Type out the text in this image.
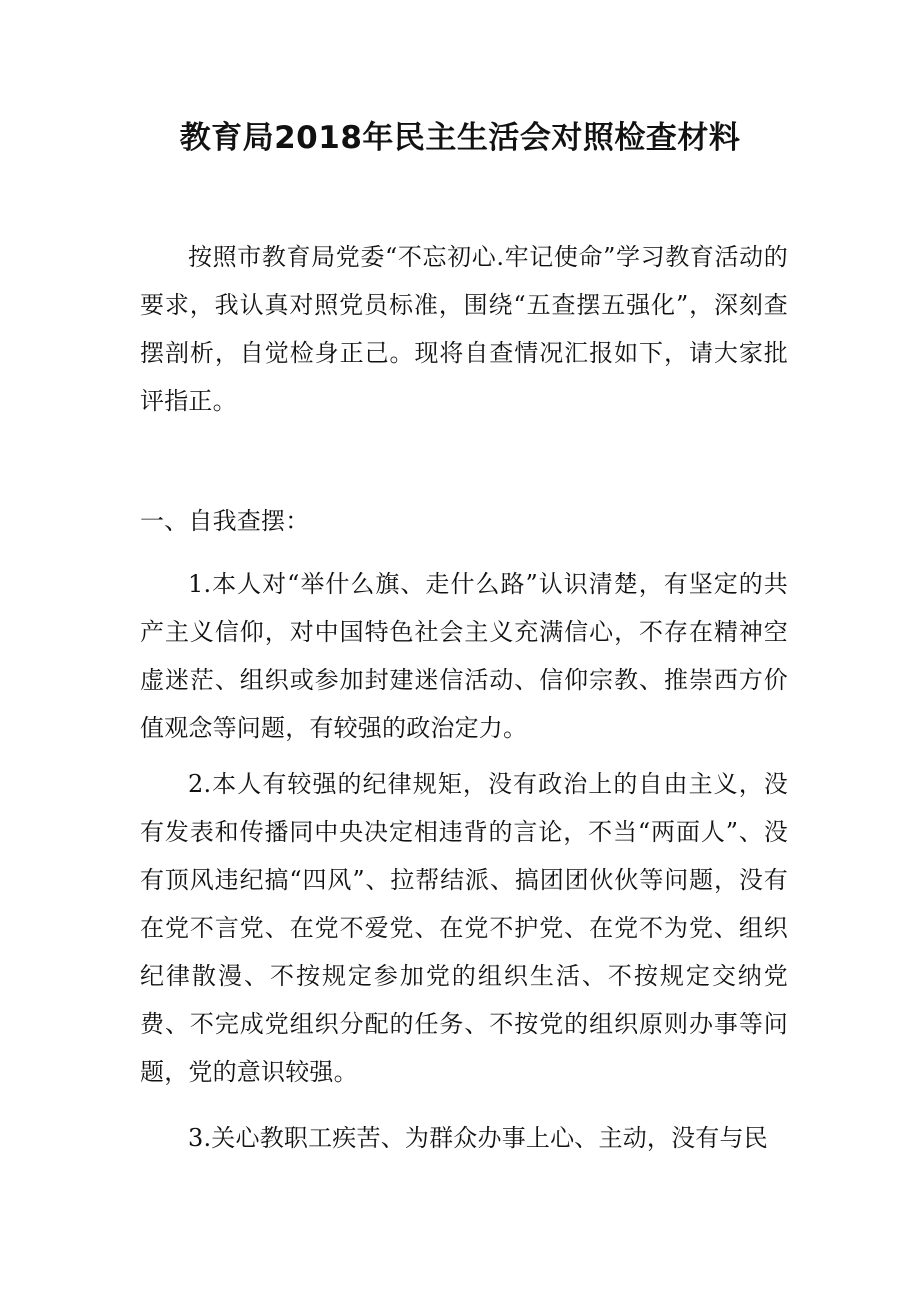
教育局2018年民主生活会对照检查材料

按照市教育局党委“不忘初心.牢记使命”学习教育活动的要求，我认真对照党员标准，围绕“五查摆五强化”，深刻查摆剖析，自觉检身正己。现将自查情况汇报如下，请大家批评指正。

一、自我查摆：

1.本人对“举什么旗、走什么路”认识清楚，有坚定的共产主义信仰，对中国特色社会主义充满信心，不存在精神空虚迷茫、组织或参加封建迷信活动、信仰宗教、推崇西方价值观念等问题，有较强的政治定力。

2.本人有较强的纪律规矩，没有政治上的自由主义，没有发表和传播同中央决定相违背的言论，不当“两面人”、没有顶风违纪搞“四风”、拉帮结派、搞团团伙伙等问题，没有在党不言党、在党不爱党、在党不护党、在党不为党、组织纪律散漫、不按规定参加党的组织生活、不按规定交纳党费、不完成党组织分配的任务、不按党的组织原则办事等问题，党的意识较强。

3.关心教职工疾苦、为群众办事上心、主动，没有与民
